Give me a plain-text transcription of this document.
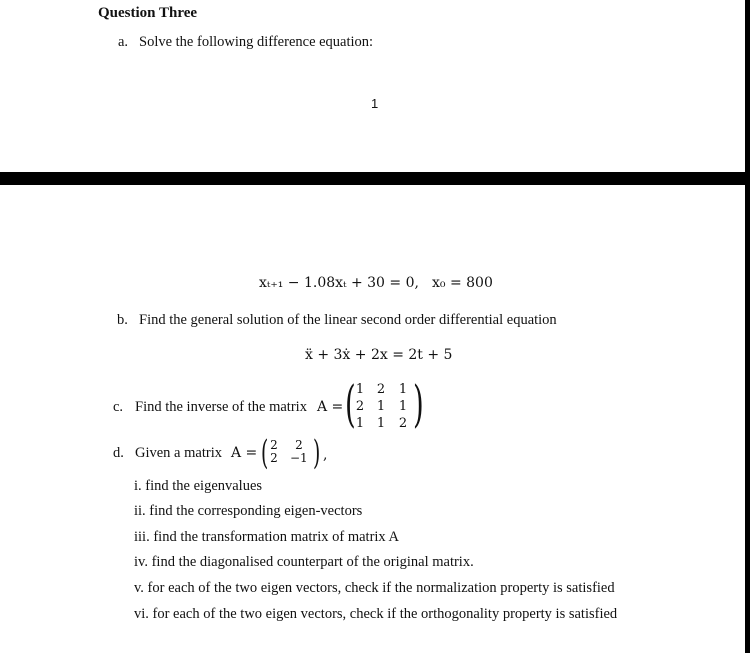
Question Three
a. Solve the following difference equation:
1
xₜ₊₁ − 1.08xₜ + 30 = 0, x₀ = 800
b. Find the general solution of the linear second order differential equation
ẍ + 3ẋ + 2x = 2t + 5
c. Find the inverse of the matrix A = ( )
1 2 1
2 1 1
1 1 2
d. Given a matrix A = ( )
2 2
2 −1 ,
i. find the eigenvalues
ii. find the corresponding eigen-vectors
iii. find the transformation matrix of matrix A
iv. find the diagonalised counterpart of the original matrix.
v. for each of the two eigen vectors, check if the normalization property is satisfied
vi. for each of the two eigen vectors, check if the orthogonality property is satisfied
